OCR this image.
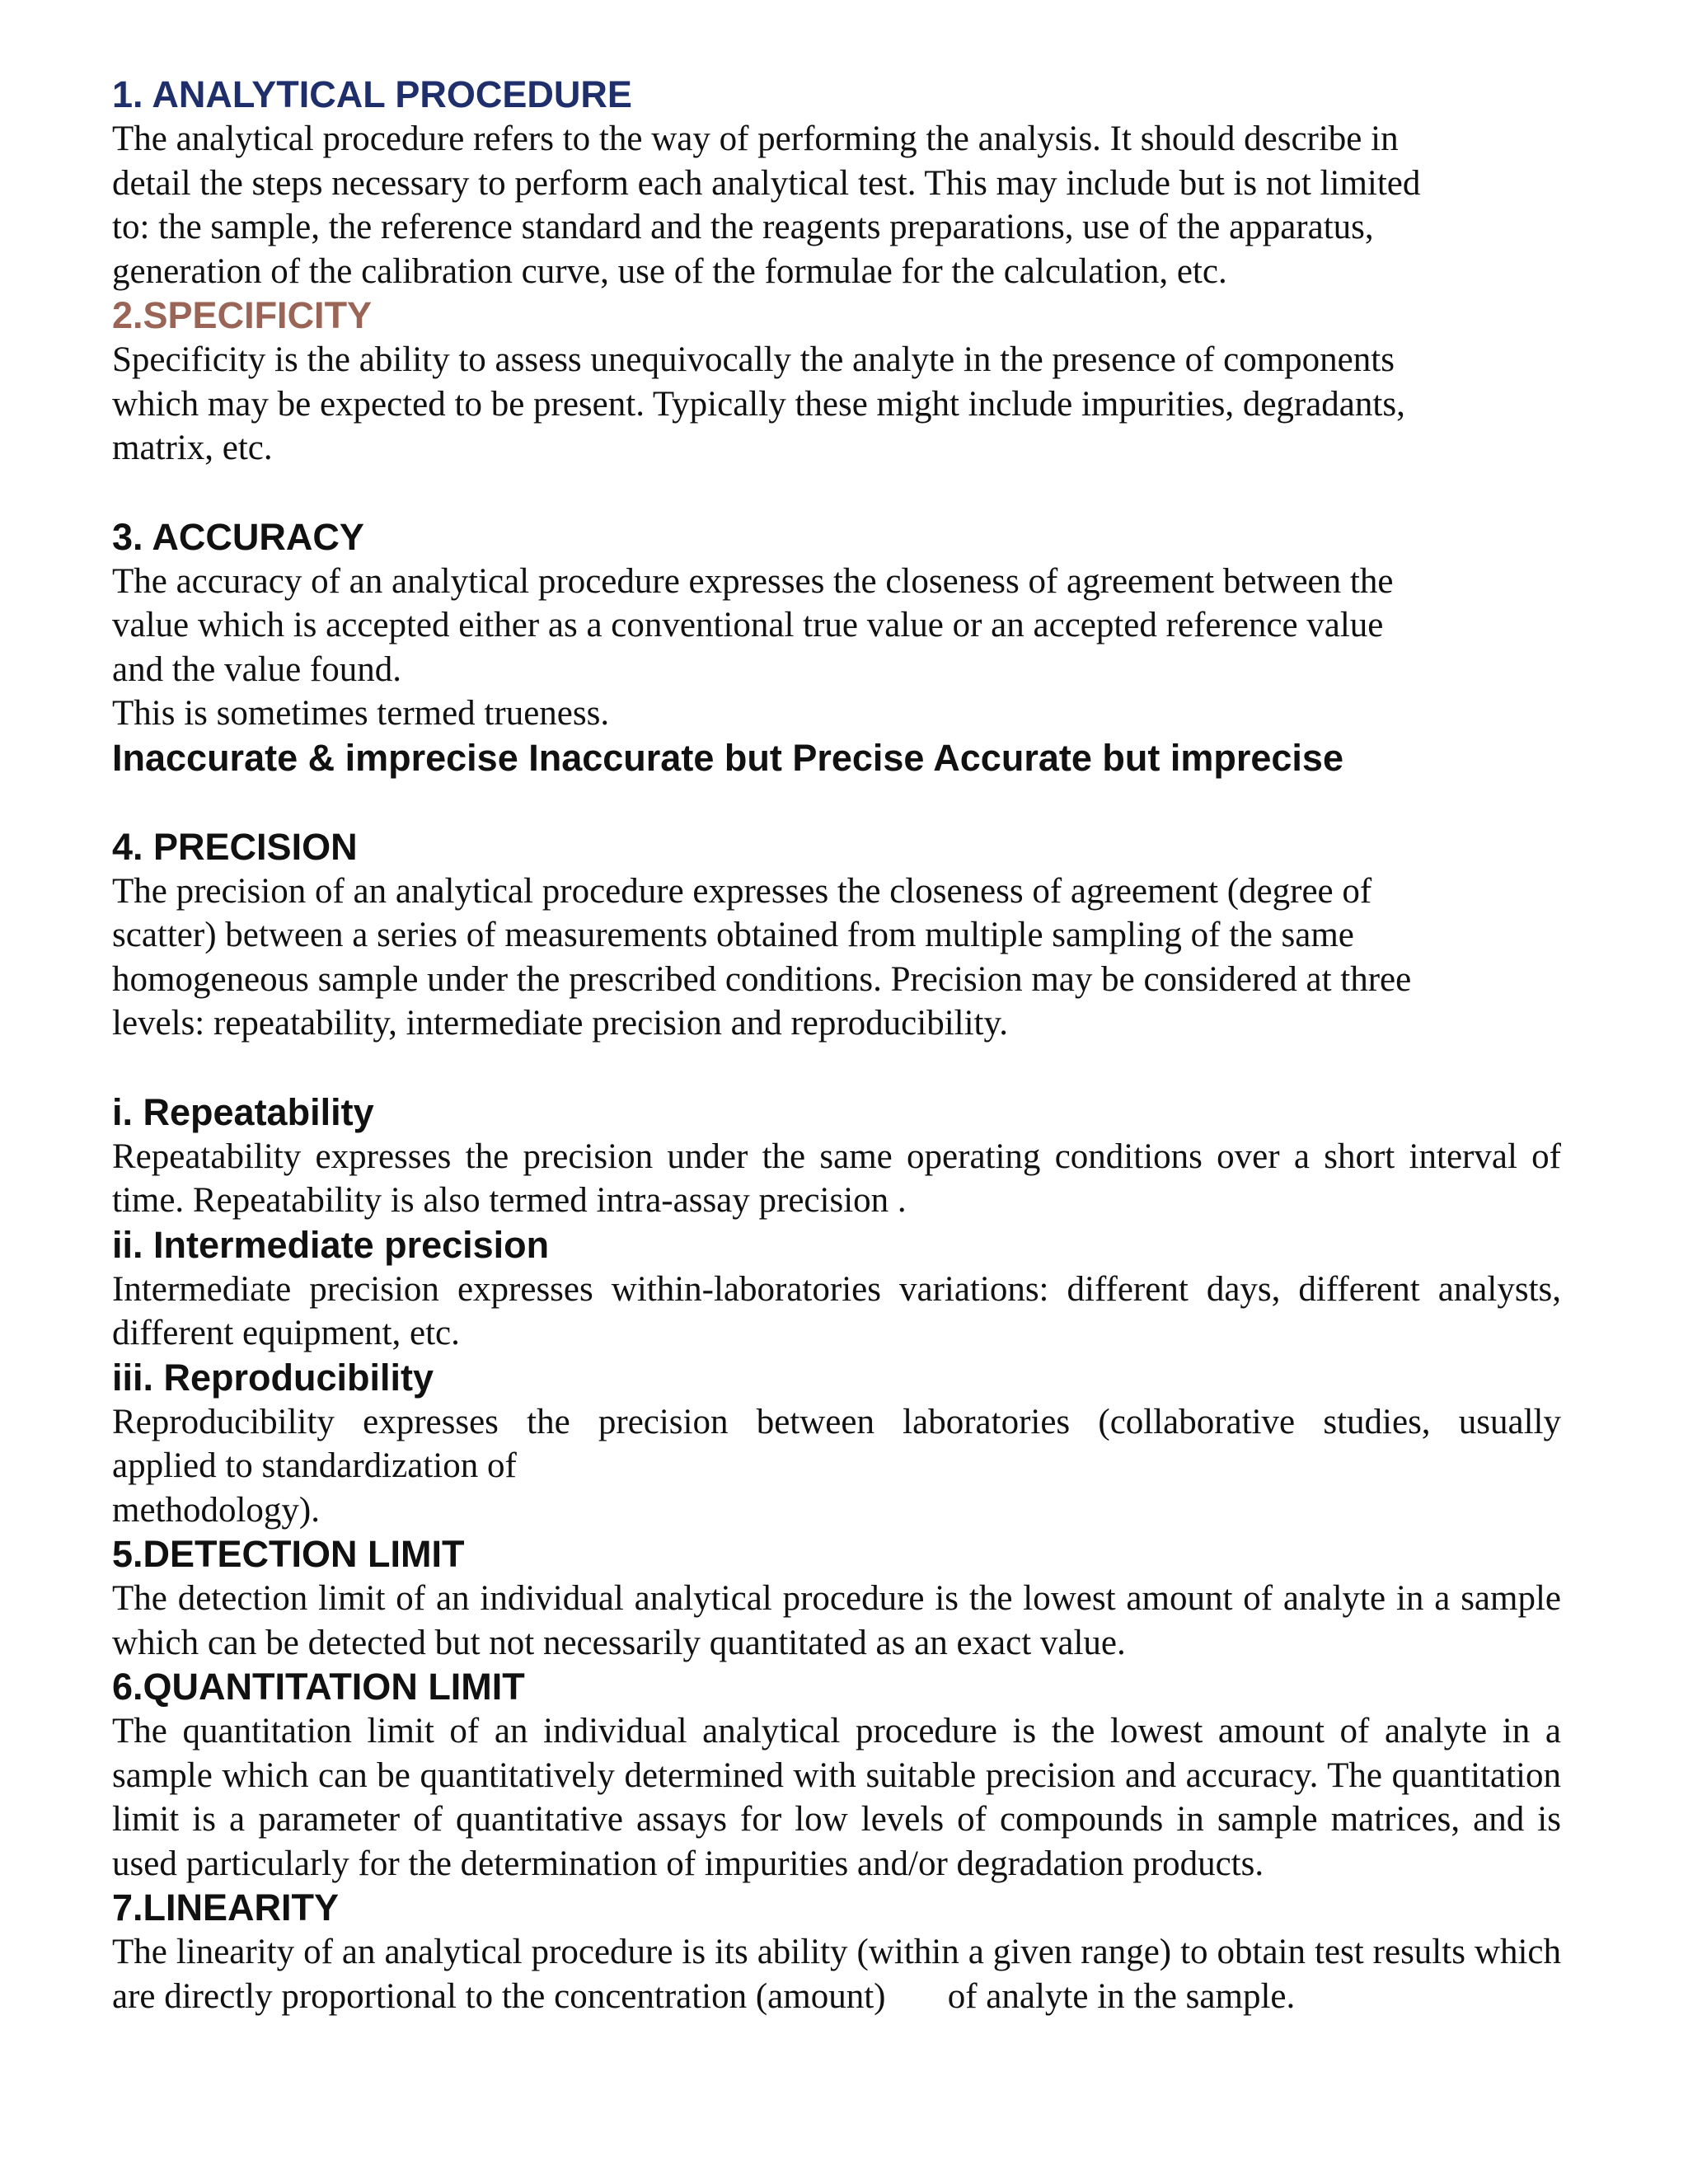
1. ANALYTICAL PROCEDURE
The analytical procedure refers to the way of performing the analysis. It should describe in
detail the steps necessary to perform each analytical test. This may include but is not limited
to: the sample, the reference standard and the reagents preparations, use of the apparatus,
generation of the calibration curve, use of the formulae for the calculation, etc.
2.SPECIFICITY
Specificity is the ability to assess unequivocally the analyte in the presence of components
which may be expected to be present. Typically these might include impurities, degradants,
matrix, etc.
3. ACCURACY
The accuracy of an analytical procedure expresses the closeness of agreement between the
value which is accepted either as a conventional true value or an accepted reference value
and the value found.
This is sometimes termed trueness.
Inaccurate & imprecise Inaccurate but Precise Accurate but imprecise
4. PRECISION
The precision of an analytical procedure expresses the closeness of agreement (degree of
scatter) between a series of measurements obtained from multiple sampling of the same
homogeneous sample under the prescribed conditions. Precision may be considered at three
levels: repeatability, intermediate precision and reproducibility.
i. Repeatability
Repeatability expresses the precision under the same operating conditions over a short interval of time. Repeatability is also termed intra-assay precision .
ii. Intermediate precision
Intermediate precision expresses within-laboratories variations: different days, different analysts, different equipment, etc.
iii. Reproducibility
Reproducibility expresses the precision between laboratories (collaborative studies, usually
applied to standardization of
methodology).
5.DETECTION LIMIT
The detection limit of an individual analytical procedure is the lowest amount of analyte in a sample which can be detected but not necessarily quantitated as an exact value.
6.QUANTITATION LIMIT
The quantitation limit of an individual analytical procedure is the lowest amount of analyte in a sample which can be quantitatively determined with suitable precision and accuracy. The quantitation limit is a parameter of quantitative assays for low levels of compounds in sample matrices, and is used particularly for the determination of impurities and/or degradation products.
7.LINEARITY
The linearity of an analytical procedure is its ability (within a given range) to obtain test results which are directly proportional to the concentration (amount)       of analyte in the sample.
